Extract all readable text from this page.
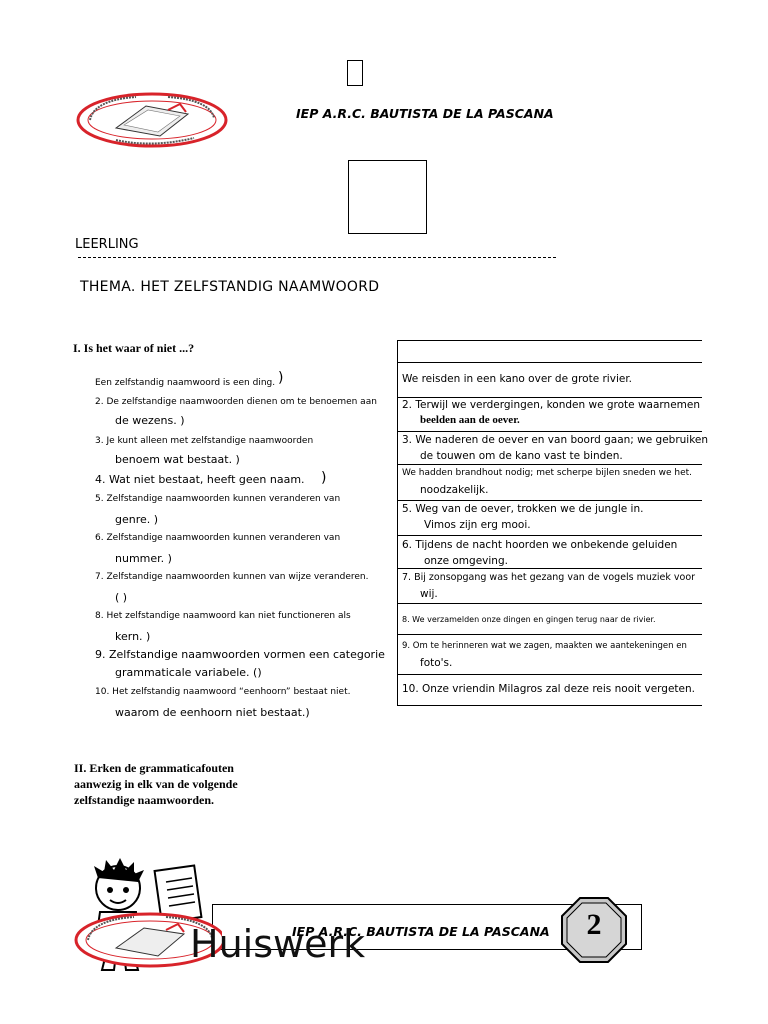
IEP A.R.C. BAUTISTA DE LA PASCANA
LEERLING
THEMA. HET ZELFSTANDIG NAAMWOORD
I. Is het waar of niet ...?
Een zelfstandig naamwoord is een ding. )
2. De zelfstandige naamwoorden dienen om te benoemen aan
de wezens. )
3. Je kunt alleen met zelfstandige naamwoorden
benoem wat bestaat. )
4. Wat niet bestaat, heeft geen naam. )
5. Zelfstandige naamwoorden kunnen veranderen van
genre. )
6. Zelfstandige naamwoorden kunnen veranderen van
nummer. )
7. Zelfstandige naamwoorden kunnen van wijze veranderen.
( )
8. Het zelfstandige naamwoord kan niet functioneren als
kern. )
9. Zelfstandige naamwoorden vormen een categorie
grammaticale variabele. ()
10. Het zelfstandig naamwoord “eenhoorn” bestaat niet.
waarom de eenhoorn niet bestaat.)
We reisden in een kano over de grote rivier.
2. Terwijl we verdergingen, konden we grote waarnemen
beelden aan de oever.
3. We naderen de oever en van boord gaan; we gebruiken
de touwen om de kano vast te binden.
We hadden brandhout nodig; met scherpe bijlen sneden we het.
noodzakelijk.
5. Weg van de oever, trokken we de jungle in.
Vimos zijn erg mooi.
6. Tijdens de nacht hoorden we onbekende geluiden
onze omgeving.
7. Bij zonsopgang was het gezang van de vogels muziek voor
wij.
8. We verzamelden onze dingen en gingen terug naar de rivier.
9. Om te herinneren wat we zagen, maakten we aantekeningen en
foto's.
10. Onze vriendin Milagros zal deze reis nooit vergeten.
II. Erken de grammaticafouten aanwezig in elk van de volgende zelfstandige naamwoorden.
IEP A.R.C. BAUTISTA DE LA PASCANA
Huiswerk	2
